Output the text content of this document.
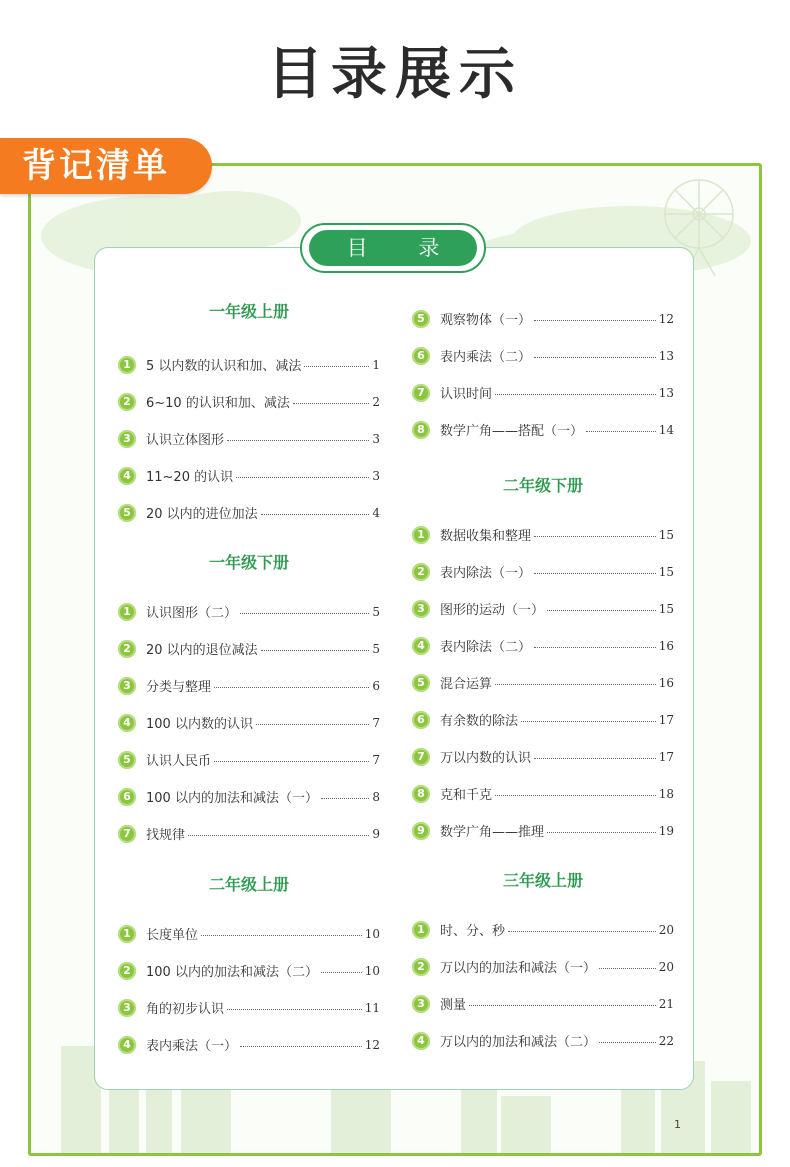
目录展示
1
背记清单
目 录
一年级上册
1	5 以内数的认识和加、减法	1
2	6~10 的认识和加、减法	2
3	认识立体图形	3
4	11~20 的认识	3
5	20 以内的进位加法	4
一年级下册
1	认识图形（二）	5
2	20 以内的退位减法	5
3	分类与整理	6
4	100 以内数的认识	7
5	认识人民币	7
6	100 以内的加法和减法（一）	8
7	找规律	9
二年级上册
1	长度单位	10
2	100 以内的加法和减法（二）	10
3	角的初步认识	11
4	表内乘法（一）	12
5	观察物体（一）	12
6	表内乘法（二）	13
7	认识时间	13
8	数学广角——搭配（一）	14
二年级下册
1	数据收集和整理	15
2	表内除法（一）	15
3	图形的运动（一）	15
4	表内除法（二）	16
5	混合运算	16
6	有余数的除法	17
7	万以内数的认识	17
8	克和千克	18
9	数学广角——推理	19
三年级上册
1	时、分、秒	20
2	万以内的加法和减法（一）	20
3	测量	21
4	万以内的加法和减法（二）	22
